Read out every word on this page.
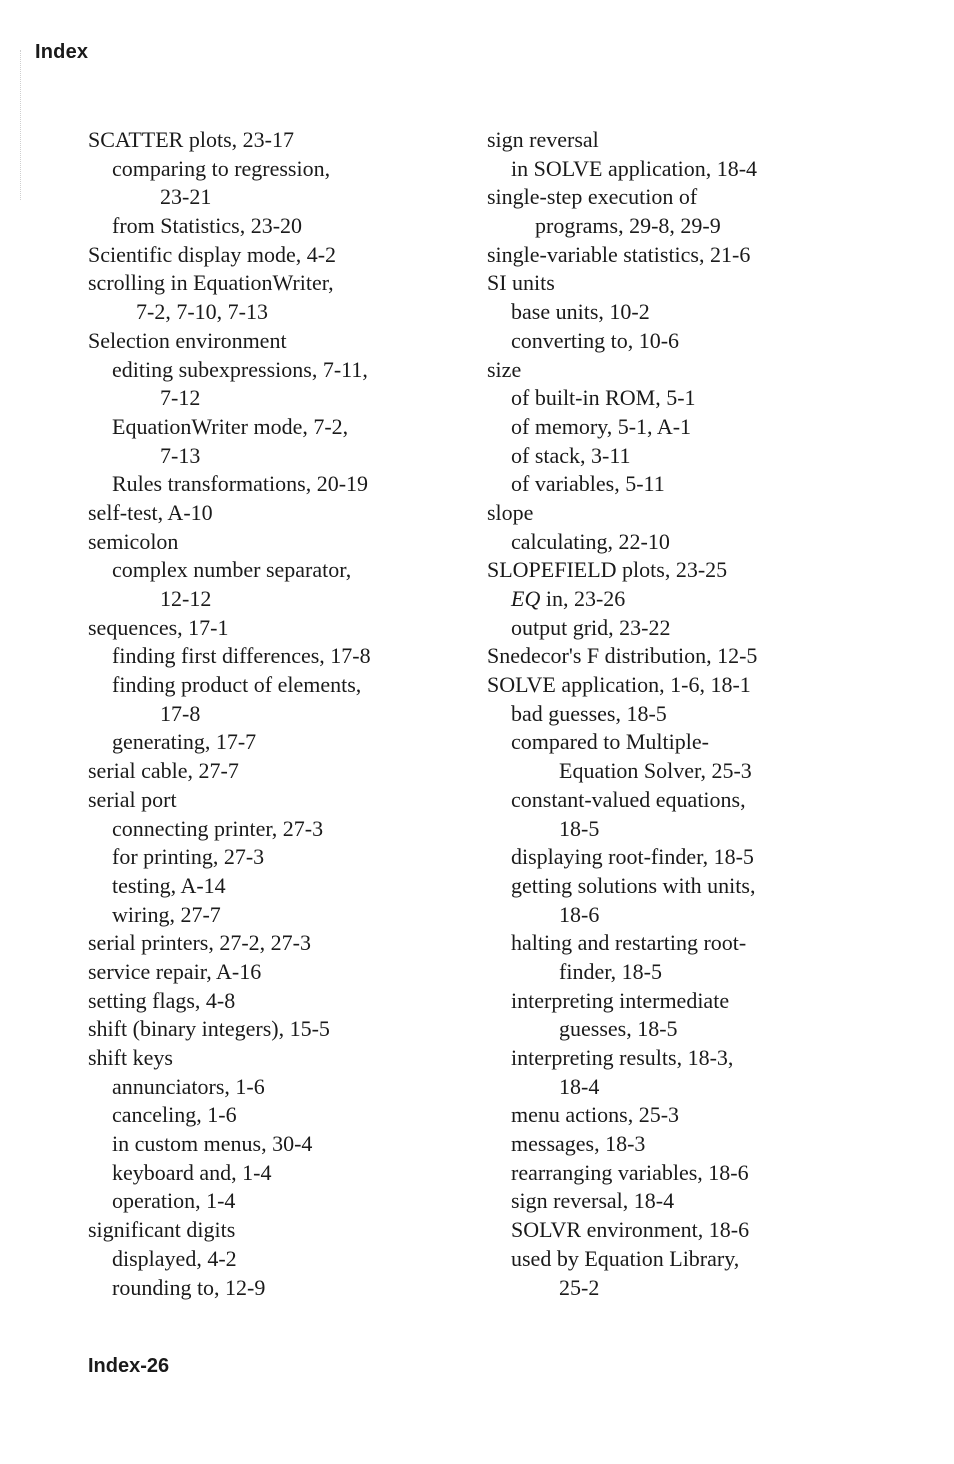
Index
SCATTER plots, 23-17
comparing to regression,
23-21
from Statistics, 23-20
Scientific display mode, 4-2
scrolling in EquationWriter,
7-2, 7-10, 7-13
Selection environment
editing subexpressions, 7-11,
7-12
EquationWriter mode, 7-2,
7-13
Rules transformations, 20-19
self-test, A-10
semicolon
complex number separator,
12-12
sequences, 17-1
finding first differences, 17-8
finding product of elements,
17-8
generating, 17-7
serial cable, 27-7
serial port
connecting printer, 27-3
for printing, 27-3
testing, A-14
wiring, 27-7
serial printers, 27-2, 27-3
service repair, A-16
setting flags, 4-8
shift (binary integers), 15-5
shift keys
annunciators, 1-6
canceling, 1-6
in custom menus, 30-4
keyboard and, 1-4
operation, 1-4
significant digits
displayed, 4-2
rounding to, 12-9
sign reversal
in SOLVE application, 18-4
single-step execution of
programs, 29-8, 29-9
single-variable statistics, 21-6
SI units
base units, 10-2
converting to, 10-6
size
of built-in ROM, 5-1
of memory, 5-1, A-1
of stack, 3-11
of variables, 5-11
slope
calculating, 22-10
SLOPEFIELD plots, 23-25
EQ in, 23-26
output grid, 23-22
Snedecor's F distribution, 12-5
SOLVE application, 1-6, 18-1
bad guesses, 18-5
compared to Multiple-
Equation Solver, 25-3
constant-valued equations,
18-5
displaying root-finder, 18-5
getting solutions with units,
18-6
halting and restarting root-
finder, 18-5
interpreting intermediate
guesses, 18-5
interpreting results, 18-3,
18-4
menu actions, 25-3
messages, 18-3
rearranging variables, 18-6
sign reversal, 18-4
SOLVR environment, 18-6
used by Equation Library,
25-2
Index-26
